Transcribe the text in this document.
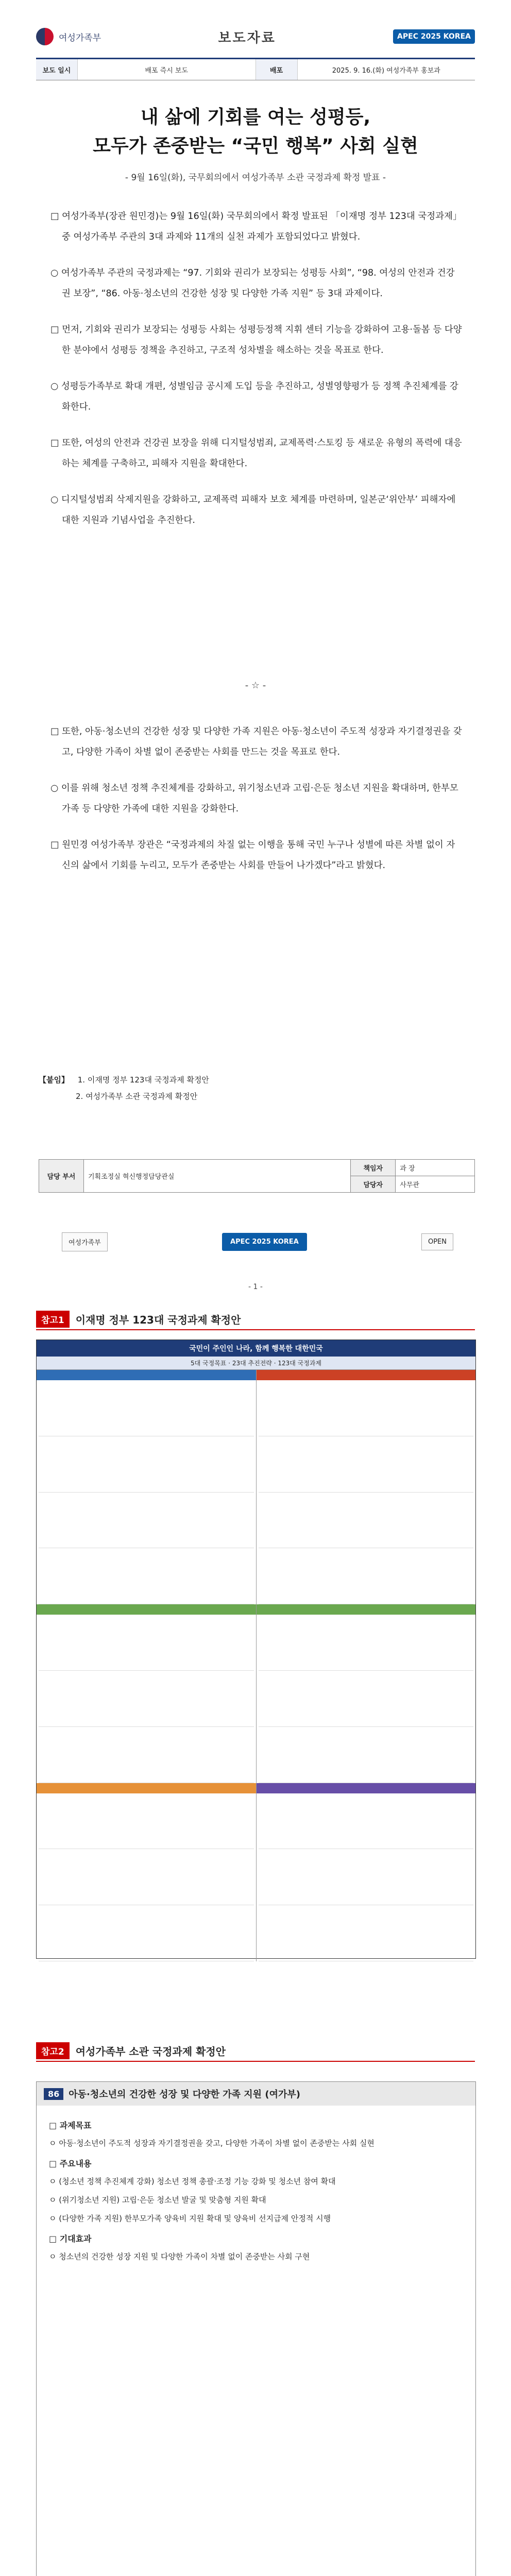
여성가족부	보도자료	APEC 2025 KOREA
보도 일시	배포 즉시 보도	배포	2025. 9. 16.(화) 여성가족부 홍보과
내 삶에 기회를 여는 성평등,
모두가 존중받는 “국민 행복” 사회 실현
- 9월 16일(화), 국무회의에서 여성가족부 소관 국정과제 확정 발표 -

□ 여성가족부(장관 원민경)는 9월 16일(화) 국무회의에서 확정 발표된 「이재명 정부 123대 국정과제」 중 여성가족부 주관의 3대 과제와 11개의 실천 과제가 포함되었다고 밝혔다.

○ 여성가족부 주관의 국정과제는 “97. 기회와 권리가 보장되는 성평등 사회”, “98. 여성의 안전과 건강권 보장”, “86. 아동·청소년의 건강한 성장 및 다양한 가족 지원” 등 3대 과제이다.

□ 먼저, 기회와 권리가 보장되는 성평등 사회는 성평등정책 지휘 센터 기능을 강화하여 고용·돌봄 등 다양한 분야에서 성평등 정책을 추진하고, 구조적 성차별을 해소하는 것을 목표로 한다.

○ 성평등가족부로 확대 개편, 성별임금 공시제 도입 등을 추진하고, 성별영향평가 등 정책 추진체계를 강화한다.

□ 또한, 여성의 안전과 건강권 보장을 위해 디지털성범죄, 교제폭력·스토킹 등 새로운 유형의 폭력에 대응하는 체계를 구축하고, 피해자 지원을 확대한다.

○ 디지털성범죄 삭제지원을 강화하고, 교제폭력 피해자 보호 체계를 마련하며, 일본군‘위안부’ 피해자에 대한 지원과 기념사업을 추진한다.

- ☆ -

□ 또한, 아동·청소년의 건강한 성장 및 다양한 가족 지원은 아동·청소년이 주도적 성장과 자기결정권을 갖고, 다양한 가족이 차별 없이 존중받는 사회를 만드는 것을 목표로 한다.

○ 이를 위해 청소년 정책 추진체계를 강화하고, 위기청소년과 고립·은둔 청소년 지원을 확대하며, 한부모가족 등 다양한 가족에 대한 지원을 강화한다.

□ 원민경 여성가족부 장관은 “국정과제의 차질 없는 이행을 통해 국민 누구나 성별에 따른 차별 없이 자신의 삶에서 기회를 누리고, 모두가 존중받는 사회를 만들어 나가겠다”라고 밝혔다.

【붙임】 1. 이재명 정부 123대 국정과제 확정안
2. 여성가족부 소관 국정과제 확정안
담당 부서	기획조정실 혁신행정담당관실	책임자	과 장
		담당자	사무관
여성가족부	APEC 2025 KOREA	OPEN
- 1 -
참고1	이재명 정부 123대 국정과제 확정안
국민이 주인인 나라, 함께 행복한 대한민국
5대 국정목표 · 23대 추진전략 · 123대 국정과제
참고2	여성가족부 소관 국정과제 확정안
86	아동·청소년의 건강한 성장 및 다양한 가족 지원 (여가부)
□ 과제목표

ㅇ 아동·청소년이 주도적 성장과 자기결정권을 갖고, 다양한 가족이 차별 없이 존중받는 사회 실현

□ 주요내용

ㅇ (청소년 정책 추진체계 강화) 청소년 정책 총괄·조정 기능 강화 및 청소년 참여 확대

ㅇ (위기청소년 지원) 고립·은둔 청소년 발굴 및 맞춤형 지원 확대

ㅇ (다양한 가족 지원) 한부모가족 양육비 지원 확대 및 양육비 선지급제 안정적 시행

□ 기대효과

ㅇ 청소년의 건강한 성장 지원 및 다양한 가족이 차별 없이 존중받는 사회 구현
